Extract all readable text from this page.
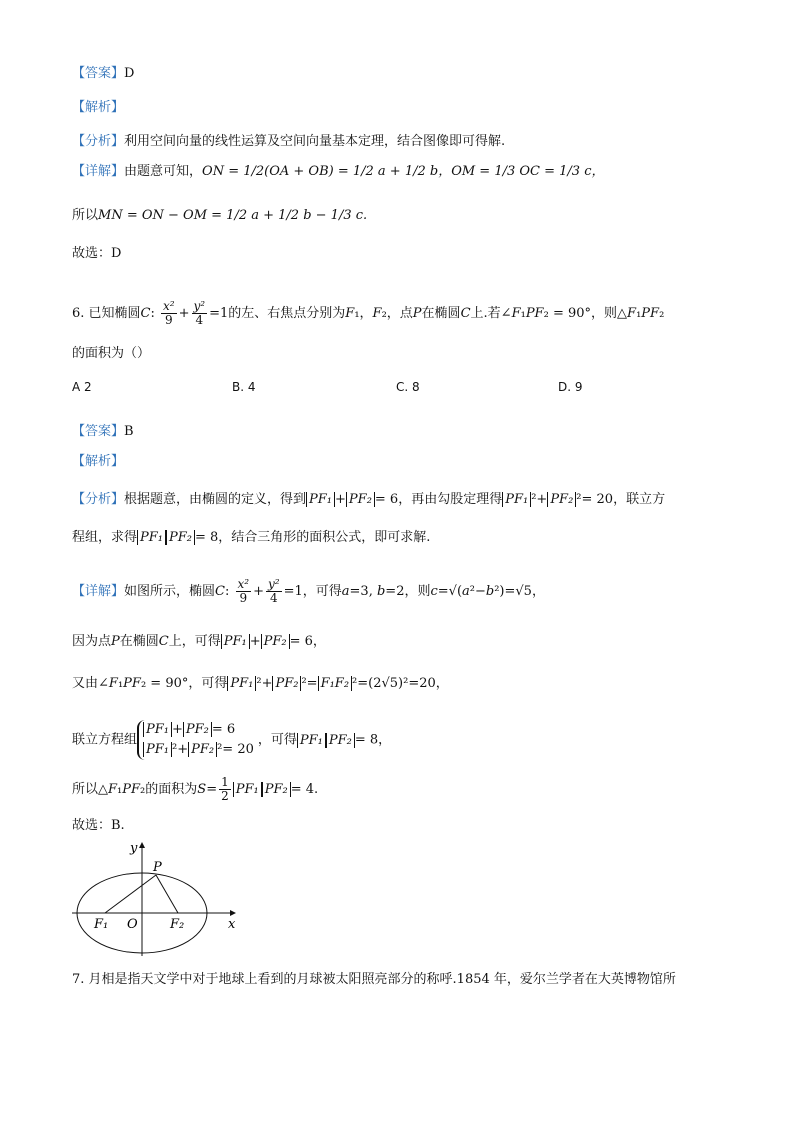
【答案】D
【解析】
【分析】利用空间向量的线性运算及空间向量基本定理，结合图像即可得解.
【详解】由题意可知，ON = 1/2(OA + OB) = 1/2 a + 1/2 b，OM = 1/3 OC = 1/3 c，
所以MN = ON − OM = 1/2 a + 1/2 b − 1/3 c.
故选：D
6. 已知椭圆C: $\frac{\text{x²}}{9} + \frac{\text{y²}}{4} =1$的左、右焦点分别为F₁，F₂，点P在椭圆C上.若∠F₁PF₂ = 90°，则△F₁PF₂
的面积为（）
A 2	B. 4	C. 8	D. 9
【答案】B
【解析】
【分析】根据题意，由椭圆的定义，得到 PF₁ + PF₂ = 6，再由勾股定理得 PF₁ ²+ PF₂ ²= 20，联立方
程组，求得 PF₁ PF₂ = 8，结合三角形的面积公式，即可求解.
【详解】如图所示，椭圆C: $\frac{\text{x²}}{9} + \frac{\text{y²}}{4} =1$，可得a=3, b=2，则c=√(a²−b²)=√5，
因为点P在椭圆C上，可得 PF₁ + PF₂ = 6，
又由∠F₁PF₂ = 90°，可得 PF₁ ²+ PF₂ ²= F₁F₂ ²=(2√5)²=20，
联立方程组PF₁ + PF₂ = 6
PF₁ ²+ PF₂ ²= 20，可得 PF₁ PF₂ = 8，
所以△F₁PF₂的面积为$S= \frac{1}{2} PF_1$ PF₂ = 4.
故选：B.
y
P
F₁ O F₂	x
7. 月相是指天文学中对于地球上看到的月球被太阳照亮部分的称呼.1854 年，爱尔兰学者在大英博物馆所
